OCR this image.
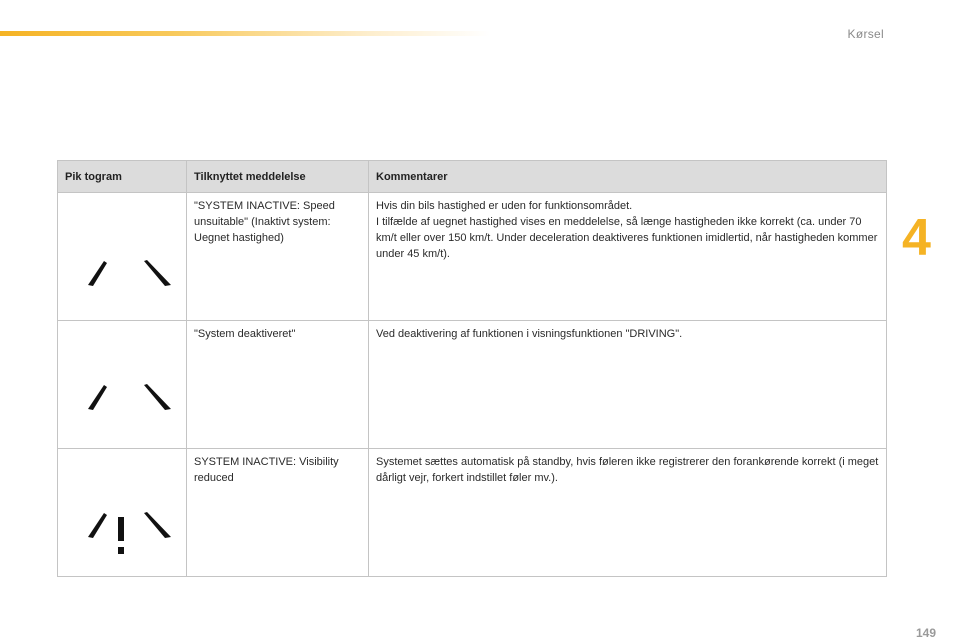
Kørsel
4
Pik togram	Tilknyttet meddelelse	Kommentarer

	"SYSTEM INACTIVE: Speed unsuitable" (Inaktivt system: Uegnet hastighed)	Hvis din bils hastighed er uden for funktionsområdet.
I tilfælde af uegnet hastighed vises en meddelelse, så længe hastigheden ikke korrekt (ca. under 70 km/t eller over 150 km/t. Under deceleration deaktiveres funktionen imidlertid, når hastigheden kommer under 45 km/t).

	"System deaktiveret"	Ved deaktivering af funktionen i visningsfunktionen "DRIVING".

	SYSTEM INACTIVE: Visibility reduced	Systemet sættes automatisk på standby, hvis føleren ikke registrerer den forankørende korrekt (i meget dårligt vejr, forkert indstillet føler mv.).
149
